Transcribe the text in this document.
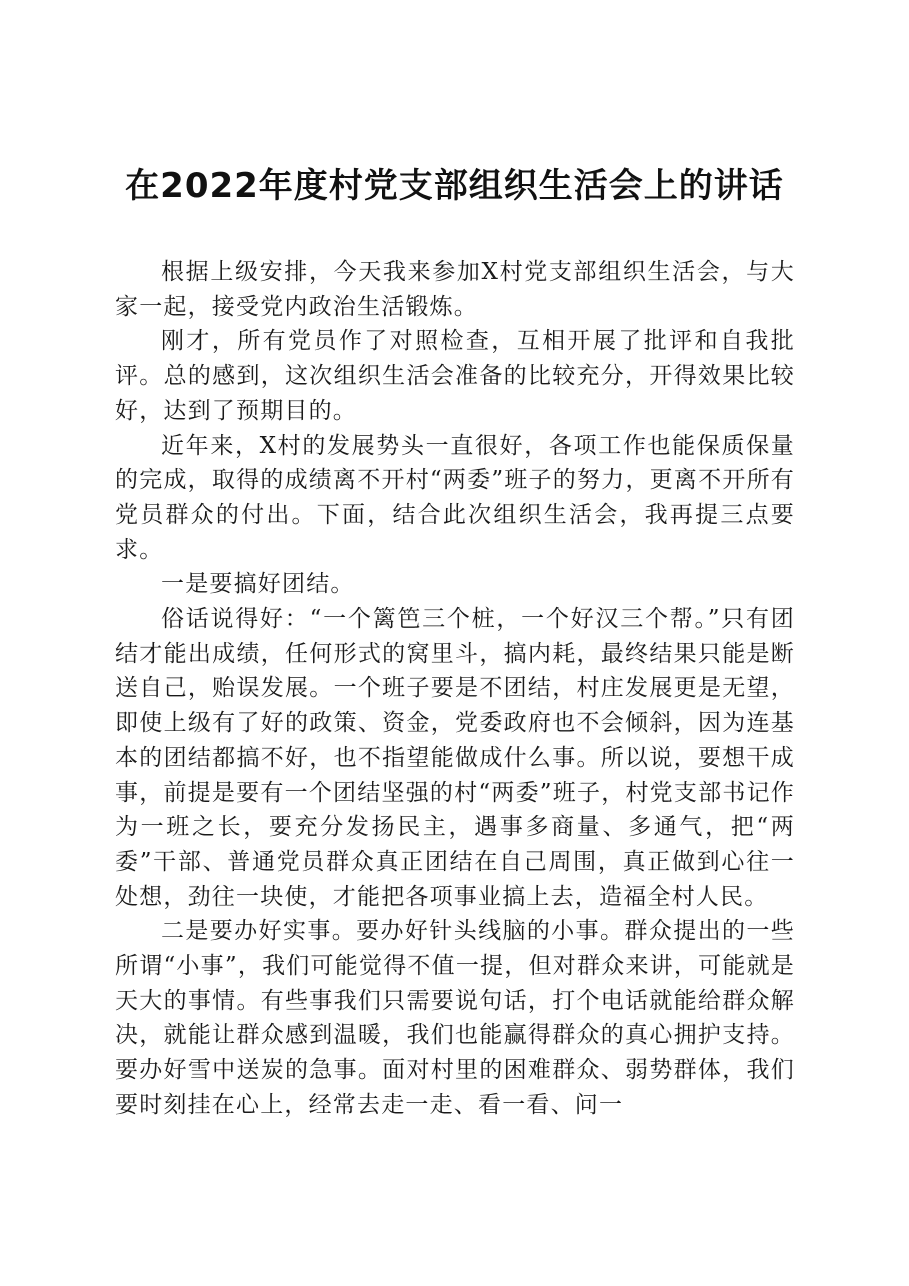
在2022年度村党支部组织生活会上的讲话

根据上级安排，今天我来参加X村党支部组织生活会，与大家一起，接受党内政治生活锻炼。

刚才，所有党员作了对照检查，互相开展了批评和自我批评。总的感到，这次组织生活会准备的比较充分，开得效果比较好，达到了预期目的。

近年来，X村的发展势头一直很好，各项工作也能保质保量的完成，取得的成绩离不开村“两委”班子的努力，更离不开所有党员群众的付出。下面，结合此次组织生活会，我再提三点要求。

一是要搞好团结。

俗话说得好：“一个篱笆三个桩，一个好汉三个帮。”只有团结才能出成绩，任何形式的窝里斗，搞内耗，最终结果只能是断送自己，贻误发展。一个班子要是不团结，村庄发展更是无望，即使上级有了好的政策、资金，党委政府也不会倾斜，因为连基本的团结都搞不好，也不指望能做成什么事。所以说，要想干成事，前提是要有一个团结坚强的村“两委”班子，村党支部书记作为一班之长，要充分发扬民主，遇事多商量、多通气，把“两委”干部、普通党员群众真正团结在自己周围，真正做到心往一处想，劲往一块使，才能把各项事业搞上去，造福全村人民。

二是要办好实事。要办好针头线脑的小事。群众提出的一些所谓“小事”，我们可能觉得不值一提，但对群众来讲，可能就是天大的事情。有些事我们只需要说句话，打个电话就能给群众解决，就能让群众感到温暖，我们也能赢得群众的真心拥护支持。要办好雪中送炭的急事。面对村里的困难群众、弱势群体，我们要时刻挂在心上，经常去走一走、看一看、问一
